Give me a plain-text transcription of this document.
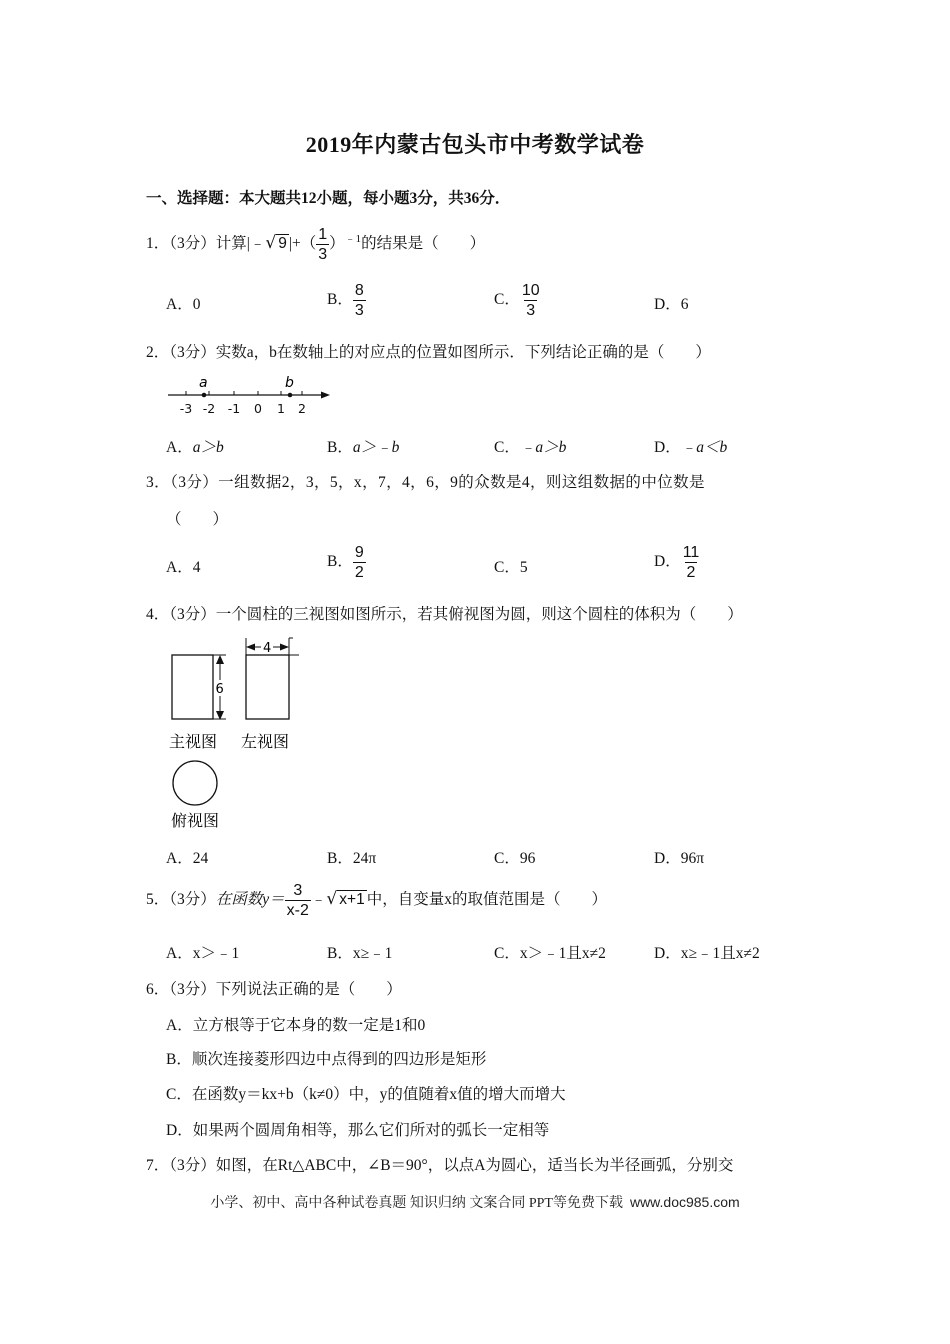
2019年内蒙古包头市中考数学试卷
一、选择题：本大题共12小题，每小题3分，共36分．
1．（3分）计算|﹣√ 9 |+（ $\frac{1}{3} )^{﹣1}$的结果是（　　）
A．0	B． $\frac{8}{3}$	C． $\frac{10}{3}$	D．6
2．（3分）实数a，b在数轴上的对应点的位置如图所示．下列结论正确的是（　　）
a	b
-3 -2 -1 0 1 2
A．a＞b	B．a＞﹣b	C．﹣a＞b	D．﹣a＜b
3．（3分）一组数据2，3，5，x，7，4，6，9的众数是4，则这组数据的中位数是
（　　）
A．4	B． $\frac{9}{2}$	C．5	D． $\frac{11}{2}$
4．（3分）一个圆柱的三视图如图所示，若其俯视图为圆，则这个圆柱的体积为（　　）
6
4
主视图 左视图
俯视图
A．24	B．24π	C．96	D．96π
5．（3分）在函数$y= \frac{3}{x-2}$ ﹣√ x+1 中，自变量x的取值范围是（　　）
A．x＞﹣1	B．x≥﹣1	C．x＞﹣1且x≠2	D．x≥﹣1且x≠2
6．（3分）下列说法正确的是（　　）
A．立方根等于它本身的数一定是1和0
B．顺次连接菱形四边中点得到的四边形是矩形
C．在函数y＝kx+b（k≠0）中，y的值随着x值的增大而增大
D．如果两个圆周角相等，那么它们所对的弧长一定相等
7．（3分）如图，在Rt△ABC中，∠B＝90°，以点A为圆心，适当长为半径画弧，分别交
小学、初中、高中各种试卷真题 知识归纳 文案合同 PPT等免费下载 www.doc985.com
